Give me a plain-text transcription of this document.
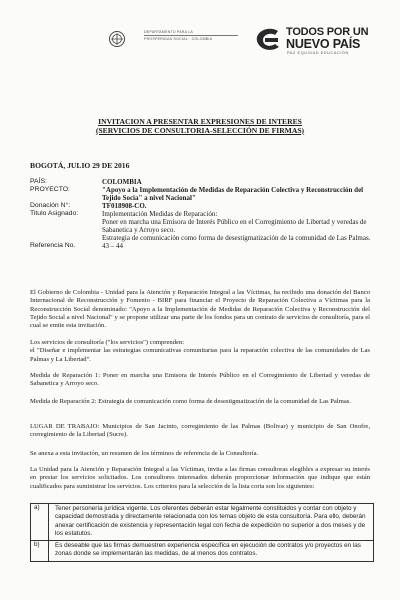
DEPARTAMENTO PARA LA
PROSPERIDAD SOCIAL · COLOMBIA
TODOS POR UN
NUEVO PAÍS
PAZ EQUIDAD EDUCACIÓN
INVITACION A PRESENTAR EXPRESIONES DE INTERES
(SERVICIOS DE CONSULTORIA-SELECCIÓN DE FIRMAS)
BOGOTÁ, JULIO 29 DE 2016
PAÍS:	COLOMBIA
PROYECTO:	"Apoyo a la Implementación de Medidas de Reparación Colectiva y Reconstrucción del Tejido Socia" a nivel Nacional"
Donación N°:	TF018908-CO.
Titulo Asignado:	Implementación Medidas de Reparación:
Poner en marcha una Emisora de Interés Público en el Corregimiento de Libertad y veredas de Sabanetica y Arroyo seco.
Estrategia de comunicación como forma de desestigmatización de la comunidad de Las Palmas.
Referencia No.	43 – 44
El Gobierno de Colombia - Unidad para la Atención y Reparación Integral a las Víctimas, ha recibido una donación del Banco Internacional de Reconstrucción y Fomento - BIRF para financiar el Proyecto de Reparación Colectiva a Víctimas para la Reconstrucción Social denominado: "Apoyo a la Implementación de Medidas de Reparación Colectiva y Reconstrucción del Tejido Social a nivel Nacional" y se propone utilizar una parte de los fondos para un contrato de servicios de consultoría, para el cual se emite esta invitación.
Los servicios de consultoría ("los servicios") comprenden:
el "Diseñar e implementar las estrategias comunicativas comunitarias para la reparación colectiva de las comunidades de Las Palmas y La Libertad".
Medida de Reparación 1: Poner en marcha una Emisora de Interés Público en el Corregimiento de Libertad y veredas de Sabanetica y Arroyo seco.
Medida de Reparación 2: Estrategia de comunicación como forma de desestigmatización de la comunidad de Las Palmas.
LUGAR DE TRABAJO: Municipios de San Jacinto, corregimiento de las Palmas (Bolivar) y municipio de San Onofre, corregimiento de la Libertad (Sucre).
Se anexa a esta invitación, un resumen de los términos de referencia de la Consultoría.
La Unidad para la Atención y Reparación Integral a las Víctimas, invita a las firmas consultoras elegibles a expresar su interés en prestar los servicios solicitados. Los consultores interesados deberán proporcionar información que indique que están cualificados para suministrar los servicios. Los criterios para la selección de la lista corta son los siguientes:
a)	Tener personería jurídica vigente. Los oferentes deberán estar legalmente constituidos y contar con objeto y capacidad demostrada y directamente relacionada con los temas objeto de esta consultoría. Para ello, deberán anexar certificación de existencia y representación legal con fecha de expedición no superior a dos meses y de los estatutos.
b)	Es deseable que las firmas demuestren experiencia específica en ejecución de contratos y/o proyectos en las zonas donde se implementarán las medidas, de al menos dos contratos.
